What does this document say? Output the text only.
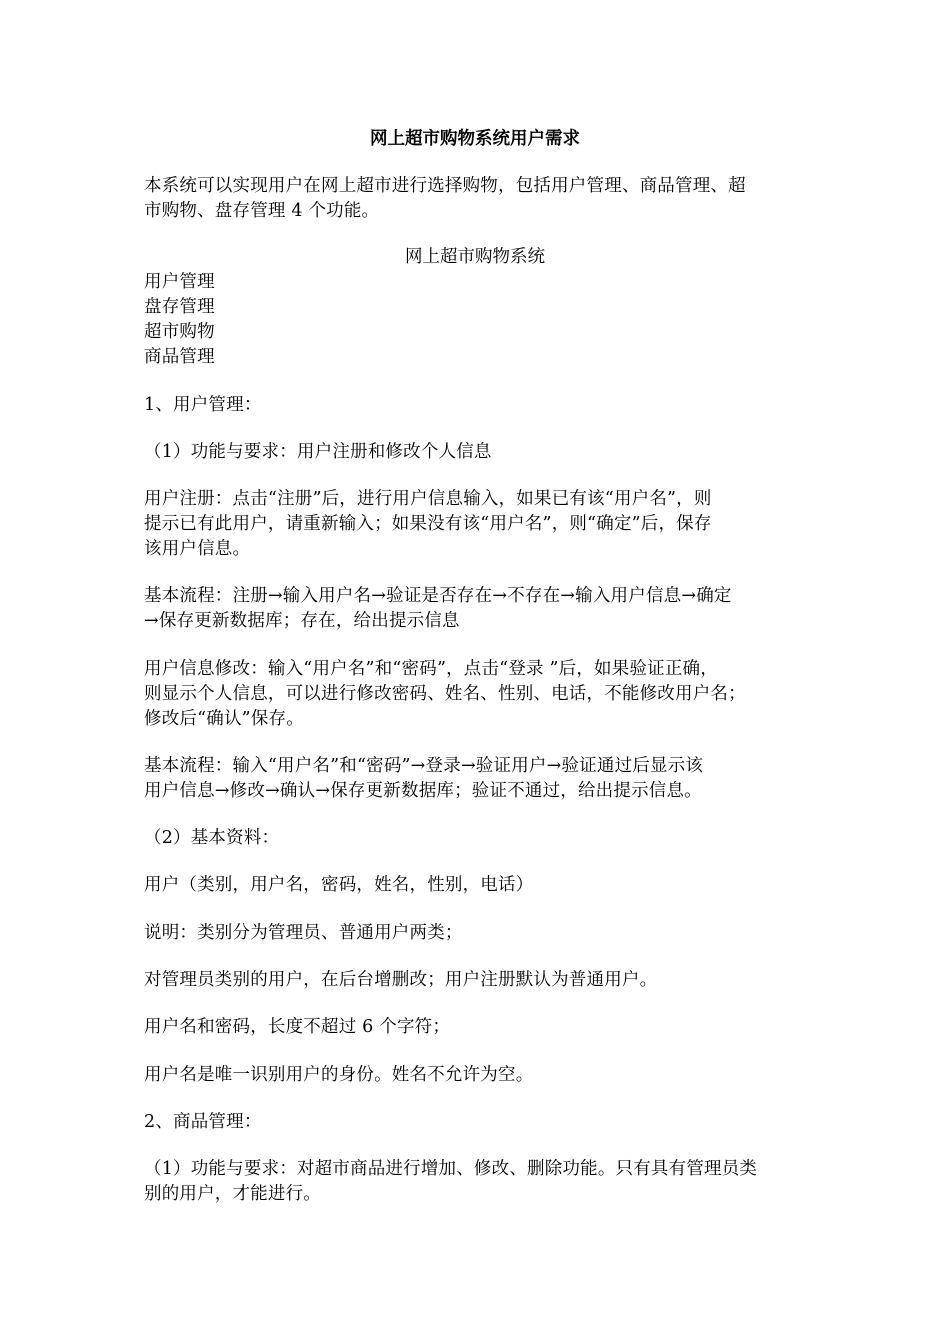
网上超市购物系统用户需求
本系统可以实现用户在网上超市进行选择购物，包括用户管理、商品管理、超
市购物、盘存管理 4 个功能。
网上超市购物系统
用户管理
盘存管理
超市购物
商品管理
1、用户管理：
（1）功能与要求：用户注册和修改个人信息
用户注册：点击“注册”后，进行用户信息输入，如果已有该“用户名”，则
提示已有此用户，请重新输入；如果没有该“用户名”，则“确定”后，保存
该用户信息。
基本流程：注册→输入用户名→验证是否存在→不存在→输入用户信息→确定
→保存更新数据库；存在，给出提示信息
用户信息修改：输入“用户名”和“密码”，点击“登录 ”后，如果验证正确，
则显示个人信息，可以进行修改密码、姓名、性别、电话，不能修改用户名；
修改后“确认”保存。
基本流程：输入“用户名”和“密码”→登录→验证用户→验证通过后显示该
用户信息→修改→确认→保存更新数据库；验证不通过，给出提示信息。
（2）基本资料：
用户（类别，用户名，密码，姓名，性别，电话）
说明：类别分为管理员、普通用户两类；
对管理员类别的用户，在后台增删改；用户注册默认为普通用户。
用户名和密码，长度不超过 6 个字符；
用户名是唯一识别用户的身份。姓名不允许为空。
2、商品管理：
（1）功能与要求：对超市商品进行增加、修改、删除功能。只有具有管理员类
别的用户，才能进行。
